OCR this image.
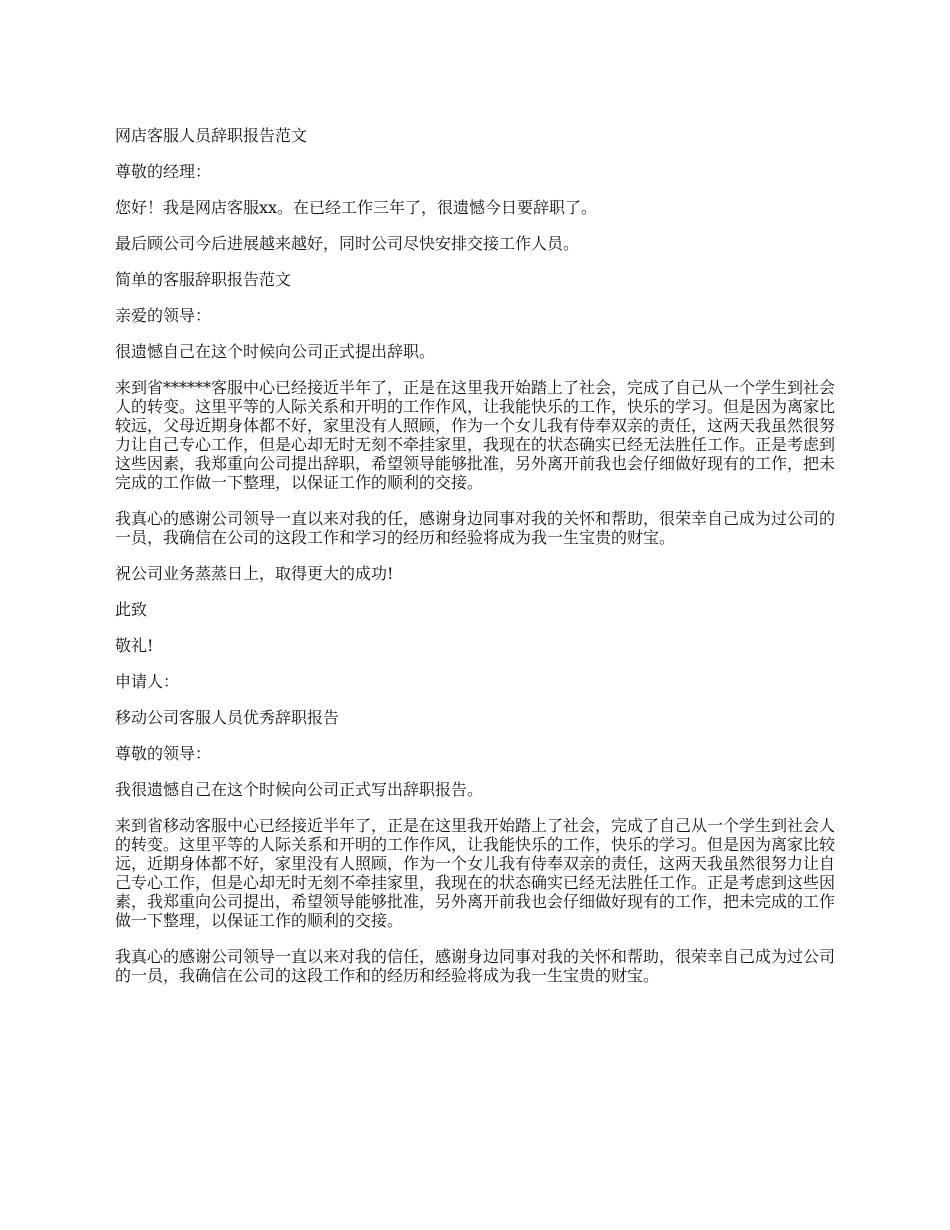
网店客服人员辞职报告范文

尊敬的经理：

您好！我是网店客服xx。在已经工作三年了，很遗憾今日要辞职了。

最后顾公司今后进展越来越好，同时公司尽快安排交接工作人员。

简单的客服辞职报告范文

亲爱的领导：

很遗憾自己在这个时候向公司正式提出辞职。

来到省******客服中心已经接近半年了，正是在这里我开始踏上了社会，完成了自己从一个学生到社会人的转变。这里平等的人际关系和开明的工作作风，让我能快乐的工作，快乐的学习。但是因为离家比较远，父母近期身体都不好，家里没有人照顾，作为一个女儿我有侍奉双亲的责任，这两天我虽然很努力让自己专心工作，但是心却无时无刻不牵挂家里，我现在的状态确实已经无法胜任工作。正是考虑到这些因素，我郑重向公司提出辞职，希望领导能够批准，另外离开前我也会仔细做好现有的工作，把未完成的工作做一下整理，以保证工作的顺利的交接。

我真心的感谢公司领导一直以来对我的任，感谢身边同事对我的关怀和帮助，很荣幸自己成为过公司的一员，我确信在公司的这段工作和学习的经历和经验将成为我一生宝贵的财宝。

祝公司业务蒸蒸日上，取得更大的成功!

此致

敬礼!

申请人：

移动公司客服人员优秀辞职报告

尊敬的领导：

我很遗憾自己在这个时候向公司正式写出辞职报告。

来到省移动客服中心已经接近半年了，正是在这里我开始踏上了社会，完成了自己从一个学生到社会人的转变。这里平等的人际关系和开明的工作作风，让我能快乐的工作，快乐的学习。但是因为离家比较远，近期身体都不好，家里没有人照顾，作为一个女儿我有侍奉双亲的责任，这两天我虽然很努力让自己专心工作，但是心却无时无刻不牵挂家里，我现在的状态确实已经无法胜任工作。正是考虑到这些因素，我郑重向公司提出，希望领导能够批准，另外离开前我也会仔细做好现有的工作，把未完成的工作做一下整理，以保证工作的顺利的交接。

我真心的感谢公司领导一直以来对我的信任，感谢身边同事对我的关怀和帮助，很荣幸自己成为过公司的一员，我确信在公司的这段工作和的经历和经验将成为我一生宝贵的财宝。
